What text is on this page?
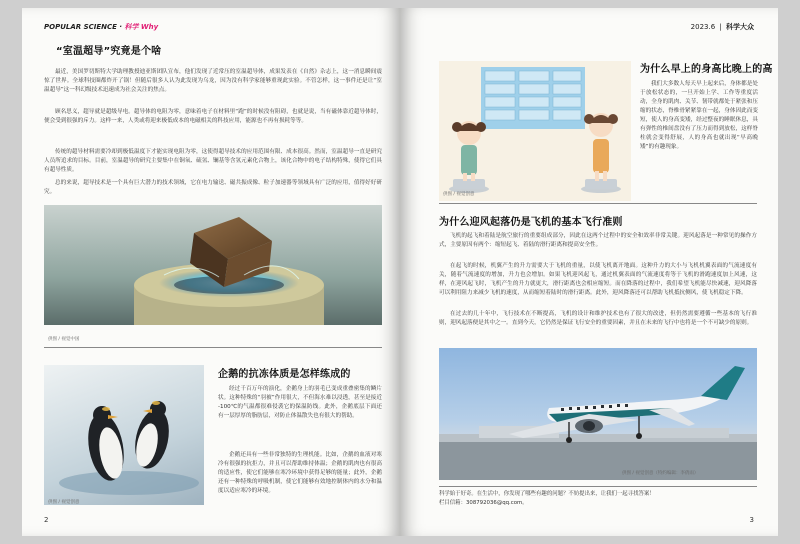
POPULAR SCIENCE · 科学 Why
“室温超导”究竟是个啥

最近，美国罗切斯特大学助理教授迪亚斯团队宣布，他们发现了近常压的室温超导体，成果发表在《自然》杂志上，这一消息瞬间震惊了世界。全球科技圈都炸开了锅！但随后很多人认为此发现为乌龙，因为没有科学家能够重现此实验。不管怎样，这一事件还是让“室温超导”这一科幻级技术迅速成为社会关注的焦点。

顾名思义，超导就是超级导电。超导体的电阻为零，意味着电子在材料里“跑”的时候没有阻碍，也就是说，当有磁体靠近超导体时，便会受到很强的斥力。这样一来，人类或将迎来极低成本的电磁相关的科技应用，能源也不再有损耗等等。

传统的超导材料需要冷却到极低温度下才能实现电阻为零，这使得超导技术的应用范围有限、成本很高。然而，室温超导一直是研究人员所追求的目标。目前，室温超导的研究主要集中在铜氧、硫氢、镧基等含氢元素化合物上，该化合物中的电子结构特殊，使得它们具有超导性质。

总的来说，超导技术是一个具有巨大潜力的技术领域，它在电力输送、磁共振成像、粒子加速器等领域具有广泛的应用，值得好好研究。

供图 / 视觉中国
供图 / 视觉创意
企鹅的抗冻体质是怎样练成的

经过千百万年的演化，企鹅身上的羽毛已变成重叠密集的鳞片状。这种特殊的“羽被”作用很大，不但海水难以浸透，甚至是接近 -100℃的气温都很难侵袭它的保温防线。此外，企鹅底层下面还有一层厚厚的脂肪层，对防止体温散失也有很大的帮助。

企鹅还具有一些非常独特的生理机能。比如，企鹅的血液对寒冷有很强的抗拒力，并且可以帮助维持体温；企鹅的肌肉也有很高的适应性，使它们能够在寒冷环境中获得足够的能量；此外，企鹅还有一种特殊的呼吸机制，使它们能够有效地控制体内的水分和温度以适应寒冷的环境。

2
2023.6 | 科学大众
供图 / 视觉创意
为什么早上的身高比晚上的高

我们大多数人每天早上起来后，身体都是处于放松状态的，一旦开始上学、工作等重度活动，全身的肌肉、关节、韧带就都处于紧张和压缩的状态，脊椎骨紧紧靠在一起，身体因此而变短，使人的身高变矮，经过整夜的睡眠休息，具有弹性的椎间盘没有了压力而得到放松，这样脊柱就会变得舒展，人的身高也就出现“早高晚矮”的有趣现象。

为什么迎风起落仍是飞机的基本飞行准则

飞机的起飞和着陆是航空旅行的重要组成部分，因此在这两个过程中的安全和效率非常关键。迎风起落是一种常见的操作方式，主要原因有两个：缩短起飞、着陆的滑行距离和提高安全性。

在起飞的时候，机翼产生的升力需要大于飞机的重量，以使飞机离开地面。这种升力的大小与飞机机翼表面的气流速度有关，随着气流速度的增加，升力也会增加。如果飞机迎风起飞，通过机翼表面的气流速度将等于飞机的滑跑速度加上风速，这样，在迎风起飞时，飞机产生的升力就更大，滑行距离也会相应缩短。而在降落的过程中，我们希望飞机能尽快减速，迎风降落可以利用阻力来减少飞机的速度，从而缩短着陆时的滑行距离。此外，迎风降落还可以帮助飞机抵抗侧风，使飞机稳定下降。

在过去的几十年中，飞行技术在不断提高，飞机的设计和维护技术也有了很大的改进，但仍然需要遵循一些基本的飞行准则，迎风起落便是其中之一。直到今天，它仍然是保证飞行安全的重要因素，并且在未来的飞行中也将是一个不可缺少的原则。

供图 / 视觉创意（特约编辑：李倩雨）
科学始于好奇。在生活中，你发现了哪些有趣的问题？不妨提出来，让我们一起寻找答案！
栏目信箱：308792036@qq.com。
3
